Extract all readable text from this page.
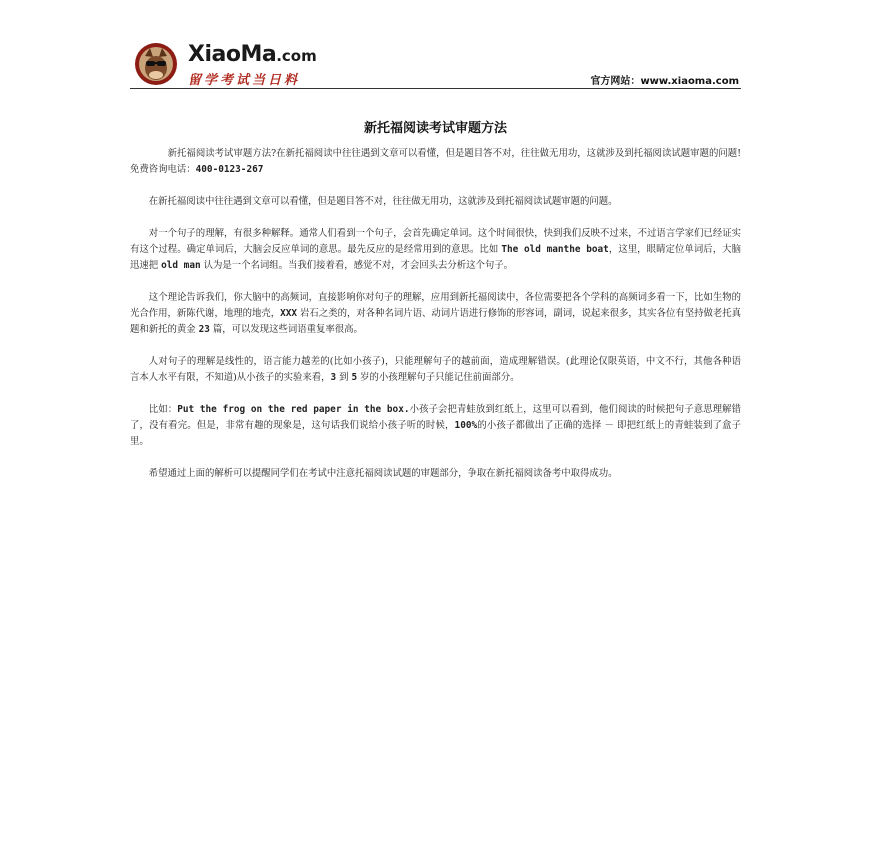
XiaoMa.com
留学考试当日料	官方网站：www.xiaoma.com
新托福阅读考试审题方法

新托福阅读考试审题方法?在新托福阅读中往往遇到文章可以看懂，但是题目答不对，往往做无用功，这就涉及到托福阅读试题审题的问题!免费咨询电话：400-0123-267

在新托福阅读中往往遇到文章可以看懂，但是题目答不对，往往做无用功，这就涉及到托福阅读试题审题的问题。

对一个句子的理解，有很多种解释。通常人们看到一个句子，会首先确定单词。这个时间很快，快到我们反映不过来，不过语言学家们已经证实有这个过程。确定单词后，大脑会反应单词的意思。最先反应的是经常用到的意思。比如 The old manthe boat，这里，眼睛定位单词后，大脑迅速把 old man 认为是一个名词组。当我们接着看，感觉不对，才会回头去分析这个句子。

这个理论告诉我们，你大脑中的高频词，直接影响你对句子的理解，应用到新托福阅读中，各位需要把各个学科的高频词多看一下，比如生物的光合作用，新陈代谢，地理的地壳，XXX 岩石之类的，对各种名词片语、动词片语进行修饰的形容词，副词，说起来很多，其实各位有坚持做老托真题和新托的黄金 23 篇，可以发现这些词语重复率很高。

人对句子的理解是线性的，语言能力越差的(比如小孩子)，只能理解句子的越前面，造成理解错误。(此理论仅限英语，中文不行，其他各种语言本人水平有限，不知道)从小孩子的实验来看，3 到 5 岁的小孩理解句子只能记住前面部分。

比如：Put the frog on the red paper in the box.小孩子会把青蛙放到红纸上，这里可以看到，他们阅读的时候把句子意思理解错了，没有看完。但是，非常有趣的现象是，这句话我们说给小孩子听的时候，100%的小孩子都做出了正确的选择 － 即把红纸上的青蛙装到了盒子里。

希望通过上面的解析可以提醒同学们在考试中注意托福阅读试题的审题部分，争取在新托福阅读备考中取得成功。
